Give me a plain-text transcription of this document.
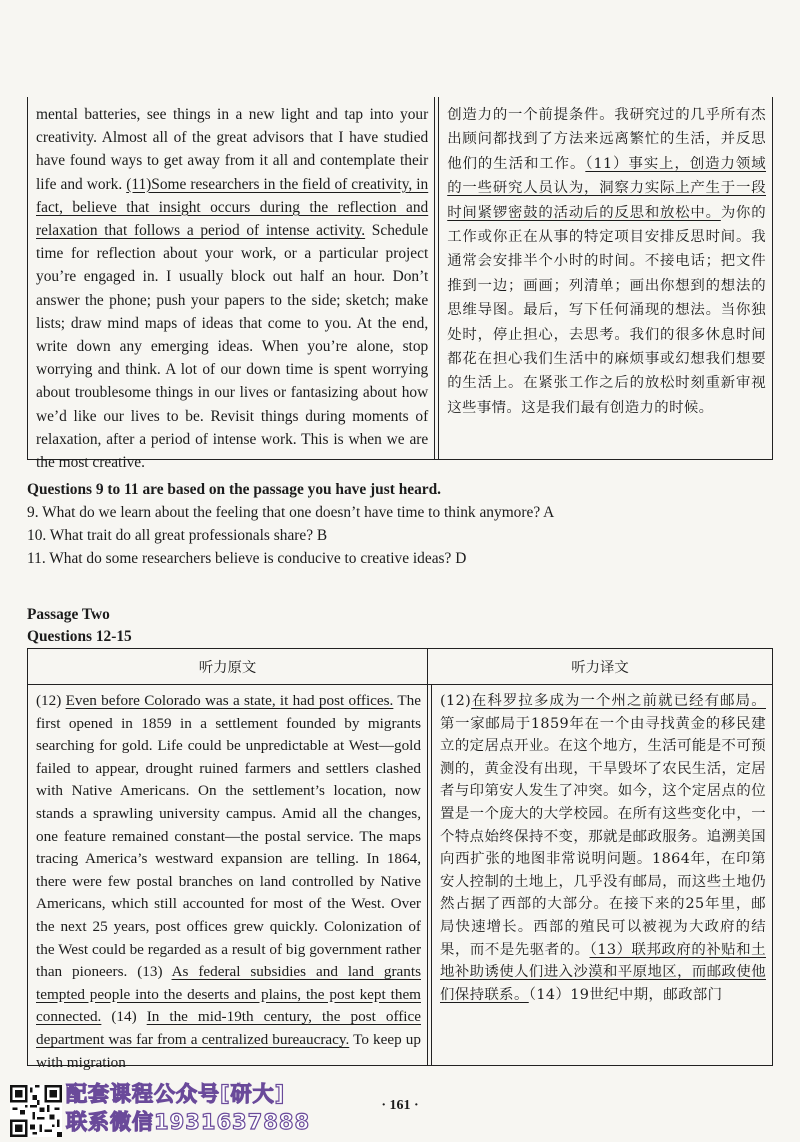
mental batteries, see things in a new light and tap into your creativity. Almost all of the great advisors that I have studied have found ways to get away from it all and contemplate their life and work. (11)Some researchers in the field of creativity, in fact, believe that insight occurs during the reflection and relaxation that follows a period of intense activity. Schedule time for reflection about your work, or a particular project you’re engaged in. I usually block out half an hour. Don’t answer the phone; push your papers to the side; sketch; make lists; draw mind maps of ideas that come to you. At the end, write down any emerging ideas. When you’re alone, stop worrying and think. A lot of our down time is spent worrying about troublesome things in our lives or fantasizing about how we’d like our lives to be. Revisit things during moments of relaxation, after a period of intense work. This is when we are the most creative.

创造力的一个前提条件。我研究过的几乎所有杰出顾问都找到了方法来远离繁忙的生活，并反思他们的生活和工作。（11）事实上，创造力领域的一些研究人员认为，洞察力实际上产生于一段时间紧锣密鼓的活动后的反思和放松中。为你的工作或你正在从事的特定项目安排反思时间。我通常会安排半个小时的时间。不接电话；把文件推到一边；画画；列清单；画出你想到的想法的思维导图。最后，写下任何涌现的想法。当你独处时，停止担心，去思考。我们的很多休息时间都花在担心我们生活中的麻烦事或幻想我们想要的生活上。在紧张工作之后的放松时刻重新审视这些事情。这是我们最有创造力的时候。

Questions 9 to 11 are based on the passage you have just heard.
9. What do we learn about the feeling that one doesn’t have time to think anymore? A
10. What trait do all great professionals share? B
11. What do some researchers believe is conducive to creative ideas? D
Passage Two
Questions 12-15
听力原文	听力译文

(12) Even before Colorado was a state, it had post offices. The first opened in 1859 in a settlement founded by migrants searching for gold. Life could be unpredictable at West—gold failed to appear, drought ruined farmers and settlers clashed with Native Americans. On the settlement’s location, now stands a sprawling university campus. Amid all the changes, one feature remained constant—the postal service. The maps tracing America’s westward expansion are telling. In 1864, there were few postal branches on land controlled by Native Americans, which still accounted for most of the West. Over the next 25 years, post offices grew quickly. Colonization of the West could be regarded as a result of big government rather than pioneers. (13) As federal subsidies and land grants tempted people into the deserts and plains, the post kept them connected. (14) In the mid-19th century, the post office department was far from a centralized bureaucracy. To keep up with migration

(12)在科罗拉多成为一个州之前就已经有邮局。第一家邮局于1859年在一个由寻找黄金的移民建立的定居点开业。在这个地方，生活可能是不可预测的，黄金没有出现，干旱毁坏了农民生活，定居者与印第安人发生了冲突。如今，这个定居点的位置是一个庞大的大学校园。在所有这些变化中，一个特点始终保持不变，那就是邮政服务。追溯美国向西扩张的地图非常说明问题。1864年，在印第安人控制的土地上，几乎没有邮局，而这些土地仍然占据了西部的大部分。在接下来的25年里，邮局快速增长。西部的殖民可以被视为大政府的结果，而不是先驱者的。（13）联邦政府的补贴和土地补助诱使人们进入沙漠和平原地区，而邮政使他们保持联系。（14）19世纪中期，邮政部门

· 161 ·
配套课程公众号[研大]
联系微信1931637888
